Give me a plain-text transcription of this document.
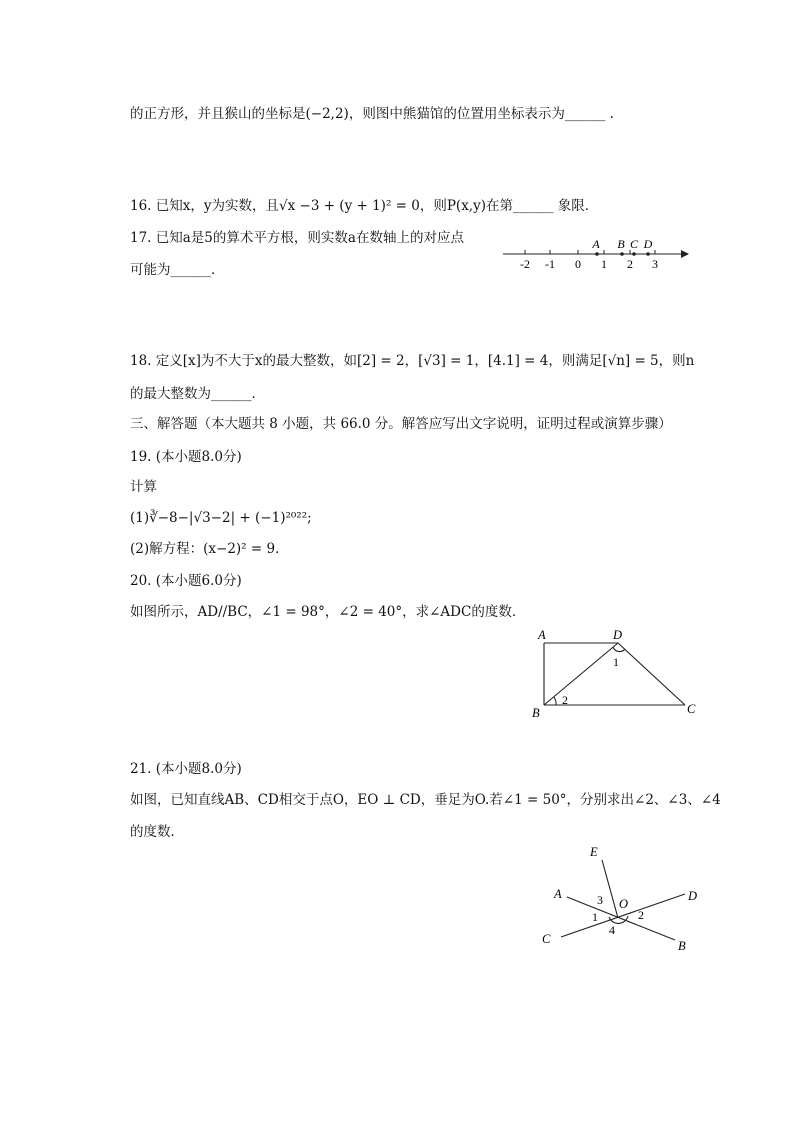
的正方形，并且猴山的坐标是(−2,2)，则图中熊猫馆的位置用坐标表示为______ .
16. 已知x，y为实数，且√x −3 + (y + 1)² = 0，则P(x,y)在第______ 象限．
17. 已知a是5的算术平方根，则实数a在数轴上的对应点
可能为______．	-2 -1 0 1 2 3
A B C D
18. 定义[x]为不大于x的最大整数，如[2] = 2，[√3] = 1，[4.1] = 4，则满足[√n] = 5，则n
的最大整数为______．
三、解答题（本大题共 8 小题，共 66.0 分。解答应写出文字说明，证明过程或演算步骤）
19. (本小题8.0分)
计算
(1)∛−8−|√3−2| + (−1)²⁰²²;
(2)解方程：(x−2)² = 9．
20. (本小题6.0分)
如图所示，AD//BC，∠1 = 98°，∠2 = 40°，求∠ADC的度数．
A	D
B	C
1
2
21. (本小题8.0分)
如图，已知直线AB、CD相交于点O，EO ⊥ CD，垂足为O.若∠1 = 50°，分别求出∠2、∠3、∠4
的度数．
E
A
O
D
C	B
3
1	2
4
